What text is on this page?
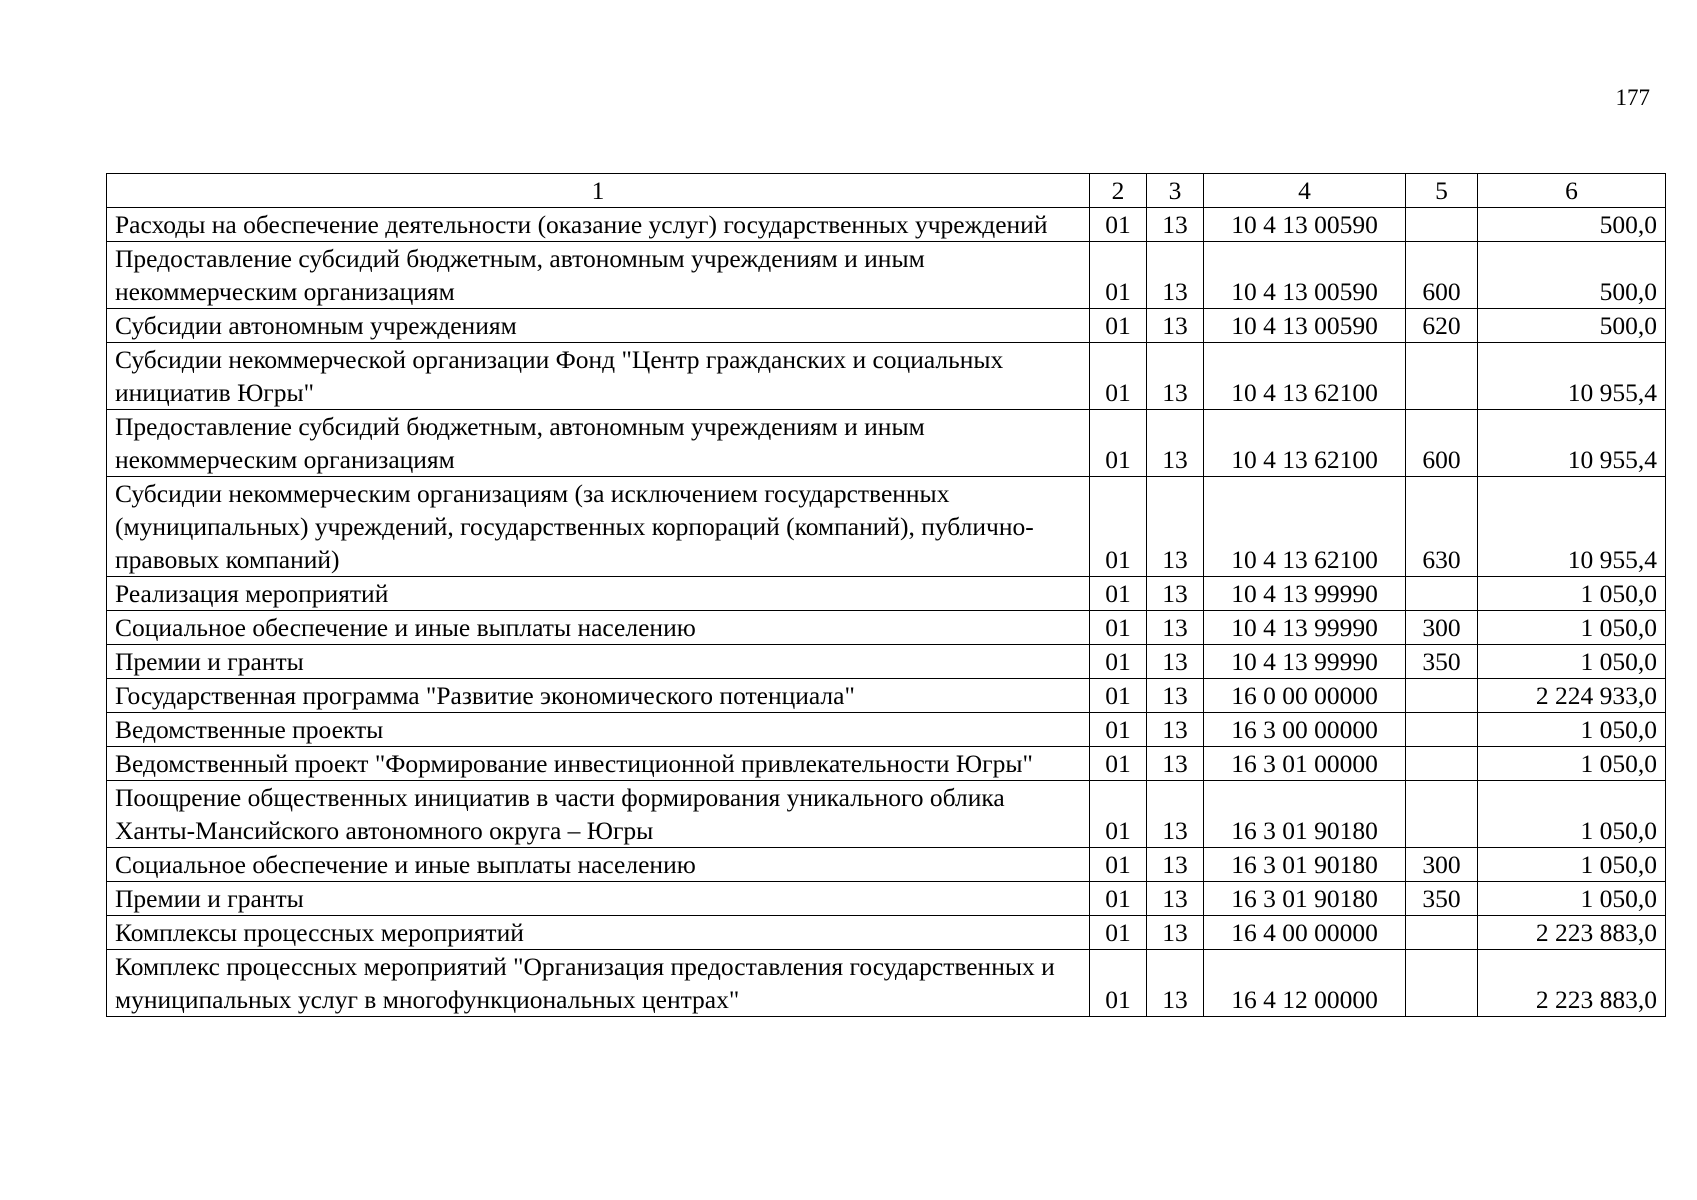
177
1	2	3	4	5	6
Расходы на обеспечение деятельности (оказание услуг) государственных учреждений	01	13	10 4 13 00590		500,0
Предоставление субсидий бюджетным, автономным учреждениям и иным некоммерческим организациям	01	13	10 4 13 00590	600	500,0
Субсидии автономным учреждениям	01	13	10 4 13 00590	620	500,0
Субсидии некоммерческой организации Фонд "Центр гражданских и социальных инициатив Югры"	01	13	10 4 13 62100		10 955,4
Предоставление субсидий бюджетным, автономным учреждениям и иным некоммерческим организациям	01	13	10 4 13 62100	600	10 955,4
Субсидии некоммерческим организациям (за исключением государственных (муниципальных) учреждений, государственных корпораций (компаний), публично-правовых компаний)	01	13	10 4 13 62100	630	10 955,4
Реализация мероприятий	01	13	10 4 13 99990		1 050,0
Социальное обеспечение и иные выплаты населению	01	13	10 4 13 99990	300	1 050,0
Премии и гранты	01	13	10 4 13 99990	350	1 050,0
Государственная программа "Развитие экономического потенциала"	01	13	16 0 00 00000		2 224 933,0
Ведомственные проекты	01	13	16 3 00 00000		1 050,0
Ведомственный проект "Формирование инвестиционной привлекательности Югры"	01	13	16 3 01 00000		1 050,0
Поощрение общественных инициатив в части формирования уникального облика Ханты-Мансийского автономного округа – Югры	01	13	16 3 01 90180		1 050,0
Социальное обеспечение и иные выплаты населению	01	13	16 3 01 90180	300	1 050,0
Премии и гранты	01	13	16 3 01 90180	350	1 050,0
Комплексы процессных мероприятий	01	13	16 4 00 00000		2 223 883,0
Комплекс процессных мероприятий "Организация предоставления государственных и муниципальных услуг в многофункциональных центрах"	01	13	16 4 12 00000		2 223 883,0
